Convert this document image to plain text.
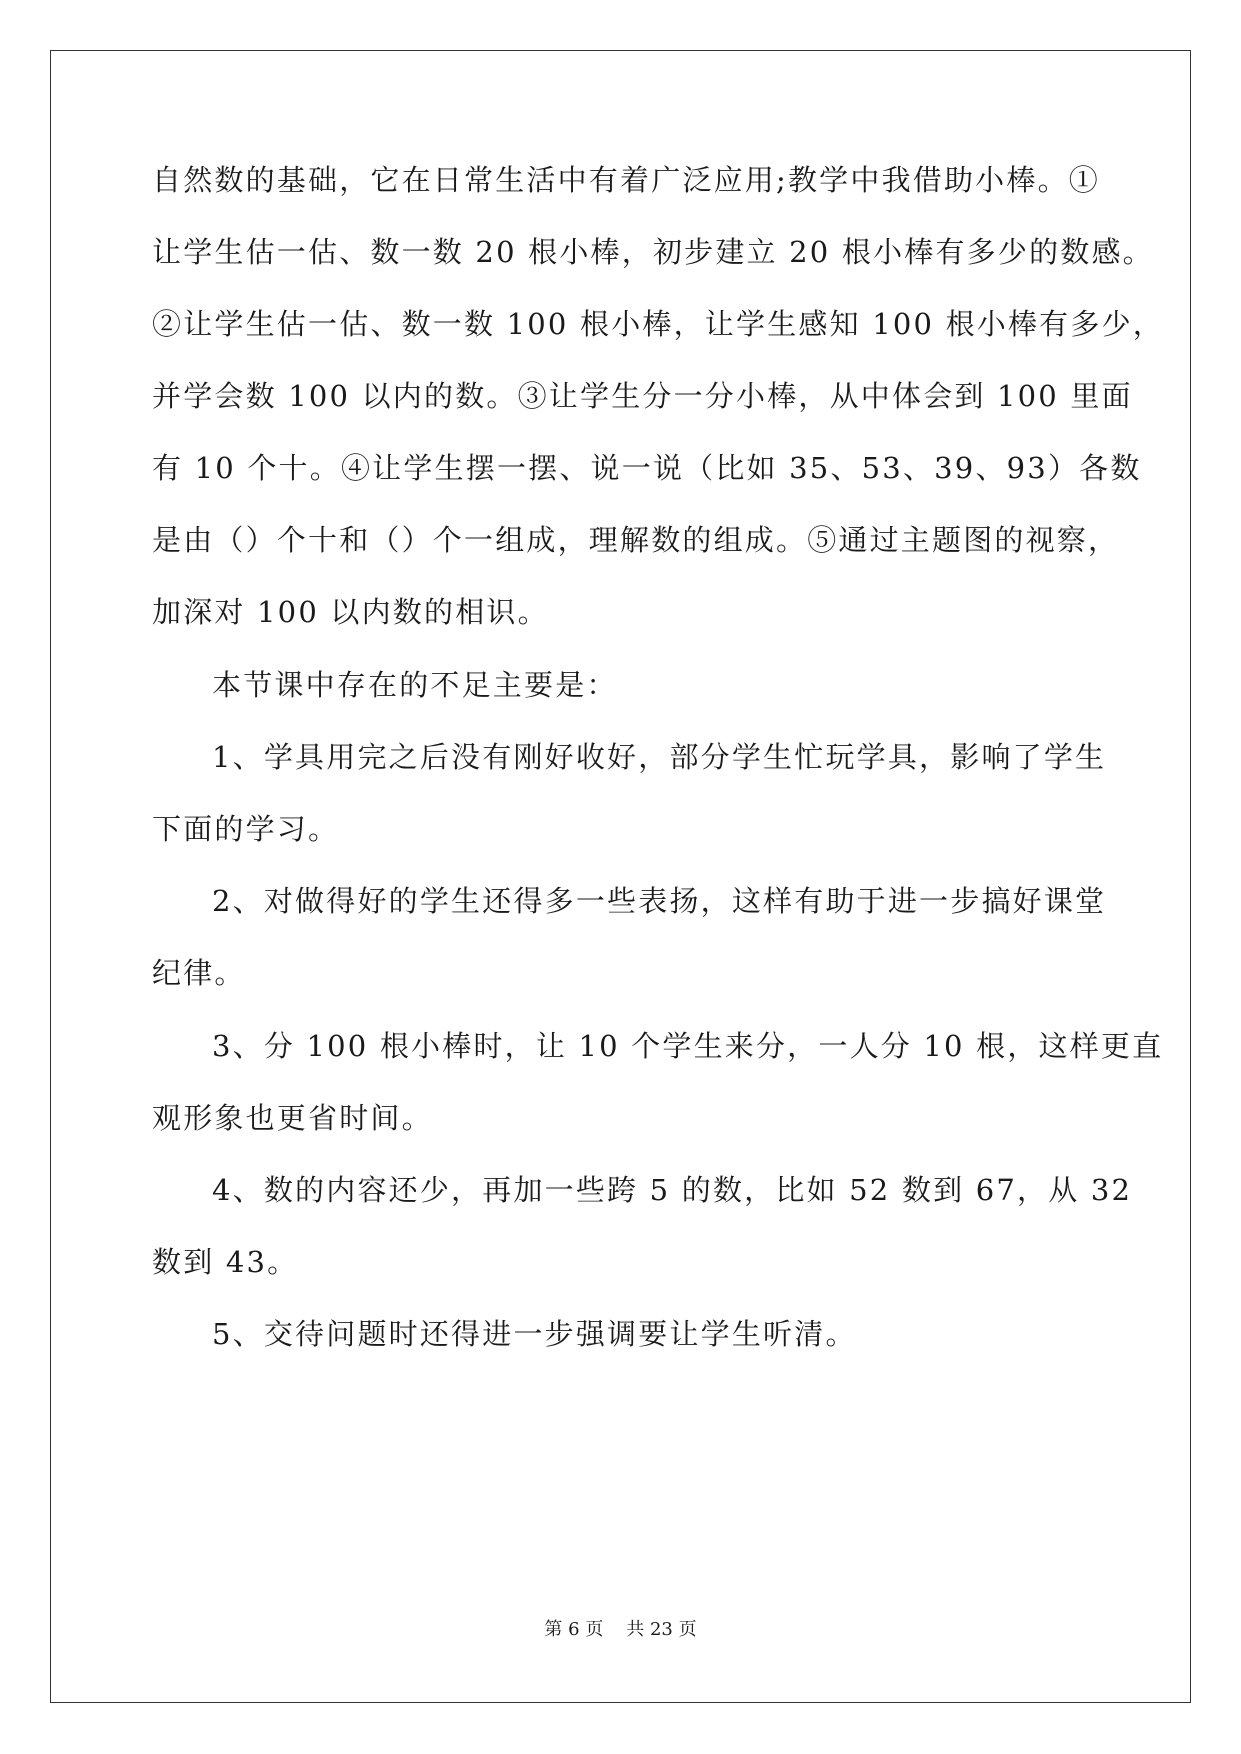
自然数的基础，它在日常生活中有着广泛应用;教学中我借助小棒。①
让学生估一估、数一数 20 根小棒，初步建立 20 根小棒有多少的数感。
②让学生估一估、数一数 100 根小棒，让学生感知 100 根小棒有多少，
并学会数 100 以内的数。③让学生分一分小棒，从中体会到 100 里面
有 10 个十。④让学生摆一摆、说一说（比如 35、53、39、93）各数
是由（）个十和（）个一组成，理解数的组成。⑤通过主题图的视察，
加深对 100 以内数的相识。
本节课中存在的不足主要是：
1、学具用完之后没有刚好收好，部分学生忙玩学具，影响了学生
下面的学习。
2、对做得好的学生还得多一些表扬，这样有助于进一步搞好课堂
纪律。
3、分 100 根小棒时，让 10 个学生来分，一人分 10 根，这样更直
观形象也更省时间。
4、数的内容还少，再加一些跨 5 的数，比如 52 数到 67，从 32
数到 43。
5、交待问题时还得进一步强调要让学生听清。
第 6 页 共 23 页
